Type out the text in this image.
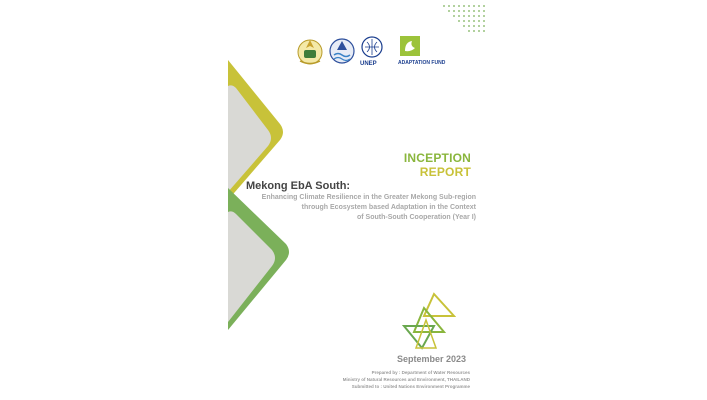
UNEP	ADAPTATION FUND
INCEPTION
REPORT
Mekong EbA South:
Enhancing Climate Resilience in the Greater Mekong Sub-region
through Ecosystem based Adaptation in the Context
of South-South Cooperation (Year I)
September 2023
Prepared by : Department of Water Resources
Ministry of Natural Resources and Environment, THAILAND
Submitted to : United Nations Environment Programme
